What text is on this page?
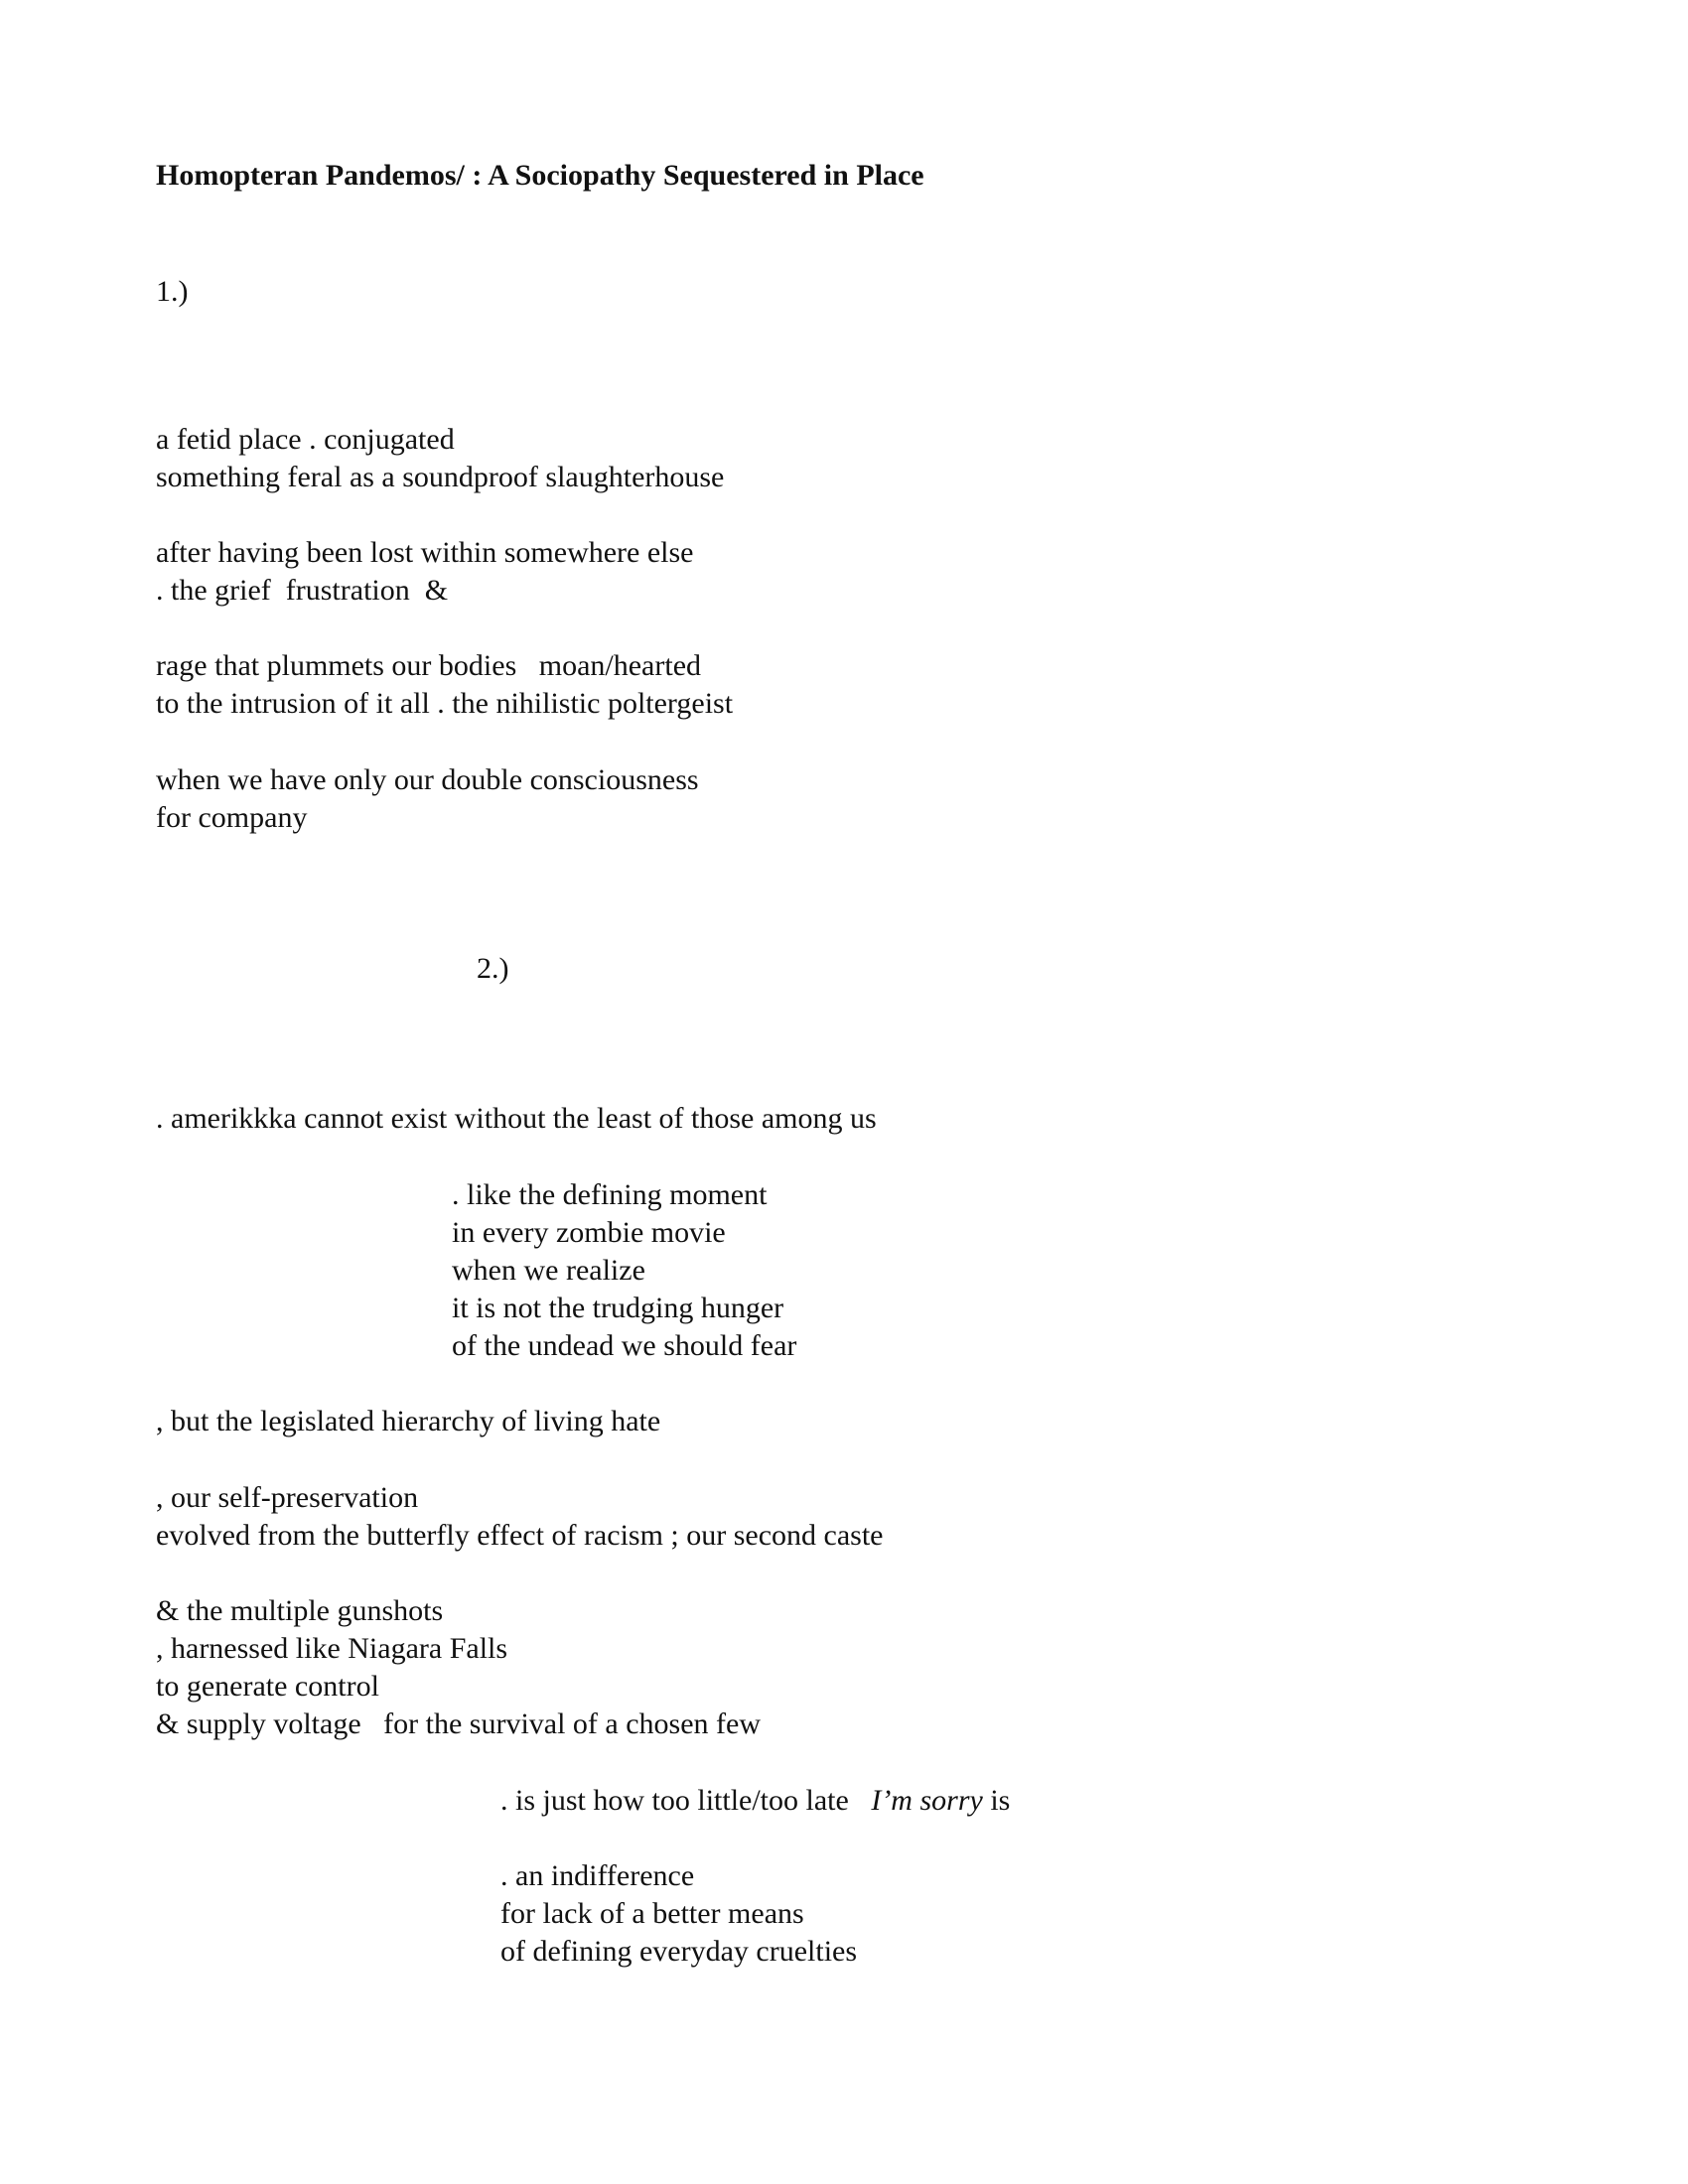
Homopteran Pandemos/ : A Sociopathy Sequestered in Place

1.)

a fetid place . conjugated

something feral as a soundproof slaughterhouse

after having been lost within somewhere else

. the grief  frustration  &

rage that plummets our bodies   moan/hearted

to the intrusion of it all . the nihilistic poltergeist

when we have only our double consciousness

for company

2.)

. amerikkka cannot exist without the least of those among us

. like the defining moment

in every zombie movie

when we realize

it is not the trudging hunger

of the undead we should fear

, but the legislated hierarchy of living hate

, our self-preservation

evolved from the butterfly effect of racism ; our second caste

& the multiple gunshots

, harnessed like Niagara Falls

to generate control

& supply voltage   for the survival of a chosen few

. is just how too little/too late   I’m sorry is

. an indifference

for lack of a better means

of defining everyday cruelties
